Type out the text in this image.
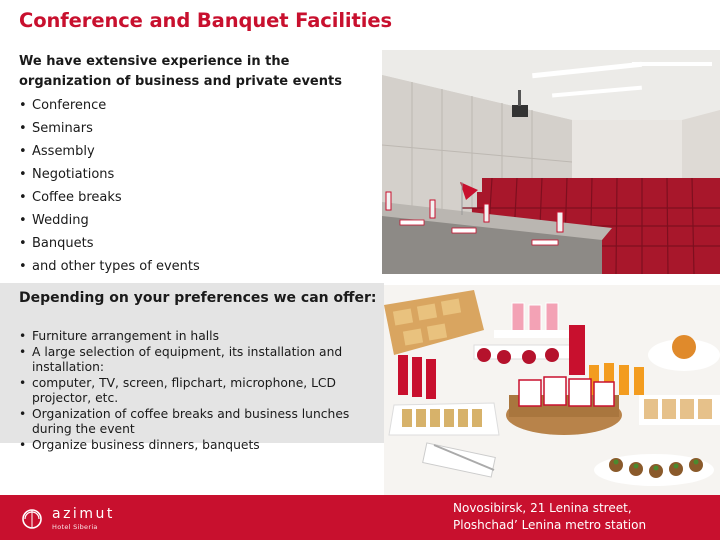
Conference and Banquet Facilities
We have extensive experience in the organization of business and private events
• Conference
• Seminars
• Assembly
• Negotiations
• Coffee breaks
• Wedding
• Banquets
• and other types of events
Depending on your preferences we can offer:
• Furniture arrangement in halls
• A large selection of equipment, its installation and installation:
• computer, TV, screen, flipchart, microphone, LCD projector, etc.
• Organization of coffee breaks and business lunches during the event
• Organize business dinners, banquets
azimut
Hotel Siberia
Novosibirsk, 21 Lenina street,
Ploshchad’ Lenina metro station
